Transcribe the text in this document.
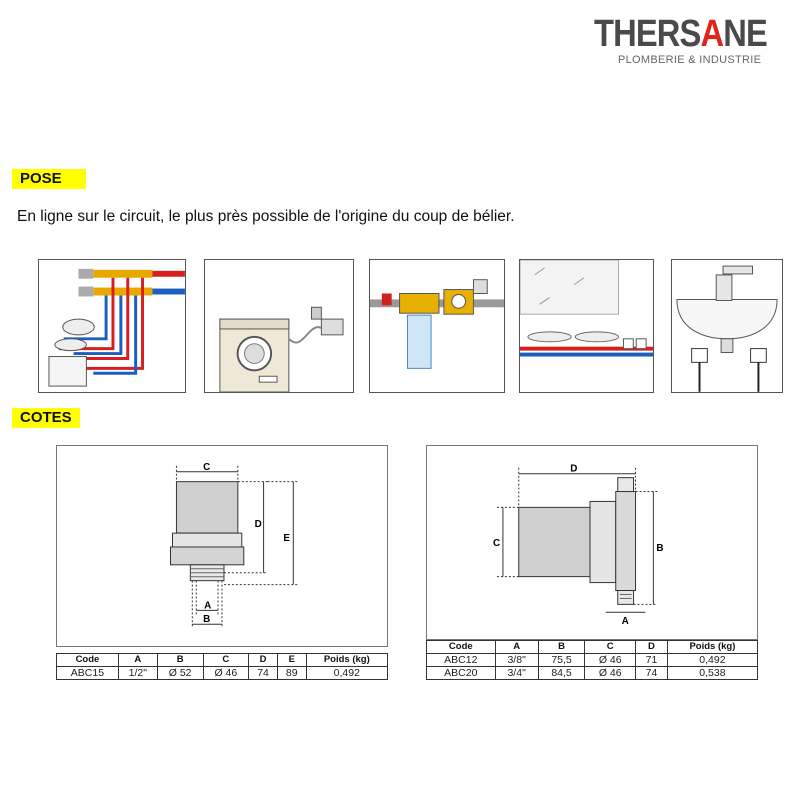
THERSANE
PLOMBERIE & INDUSTRIE
POSE
En ligne sur le circuit, le plus près possible de l'origine du coup de bélier.
COTES
C
D
E
A
B
D
C	B
A
Code	A	B	C	D	E	Poids (kg)
ABC15	1/2"	Ø 52	Ø 46	74	89	0,492
Code	A	B	C	D	Poids (kg)
ABC12	3/8"	75,5	Ø 46	71	0,492
ABC20	3/4"	84,5	Ø 46	74	0,538
